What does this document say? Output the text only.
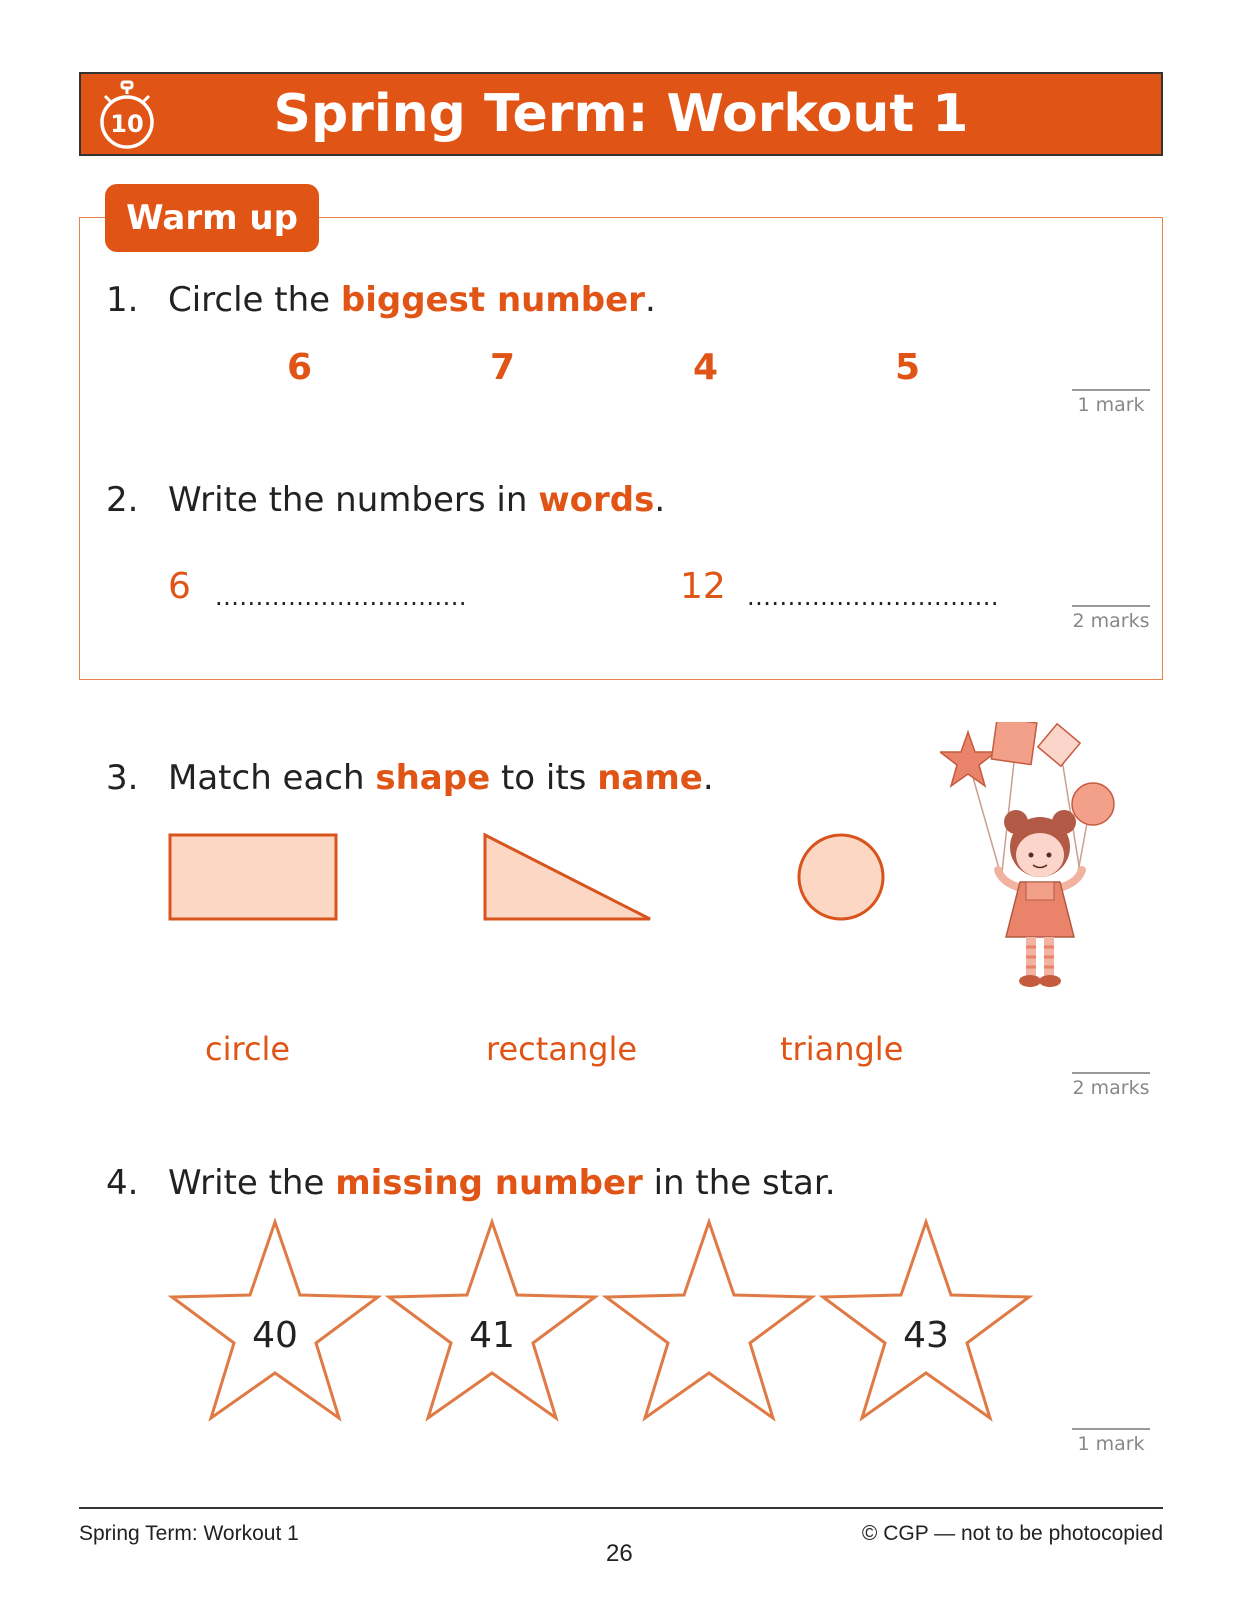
10	Spring Term: Workout 1
Warm up
1. Circle the biggest number.
6	7	4	5
1 mark
2. Write the numbers in words.
6 ...............................	12 ...............................
2 marks
3. Match each shape to its name.
circle	rectangle	triangle
2 marks
4. Write the missing number in the star.
40	41	43
1 mark
Spring Term: Workout 1
26
© CGP — not to be photocopied
